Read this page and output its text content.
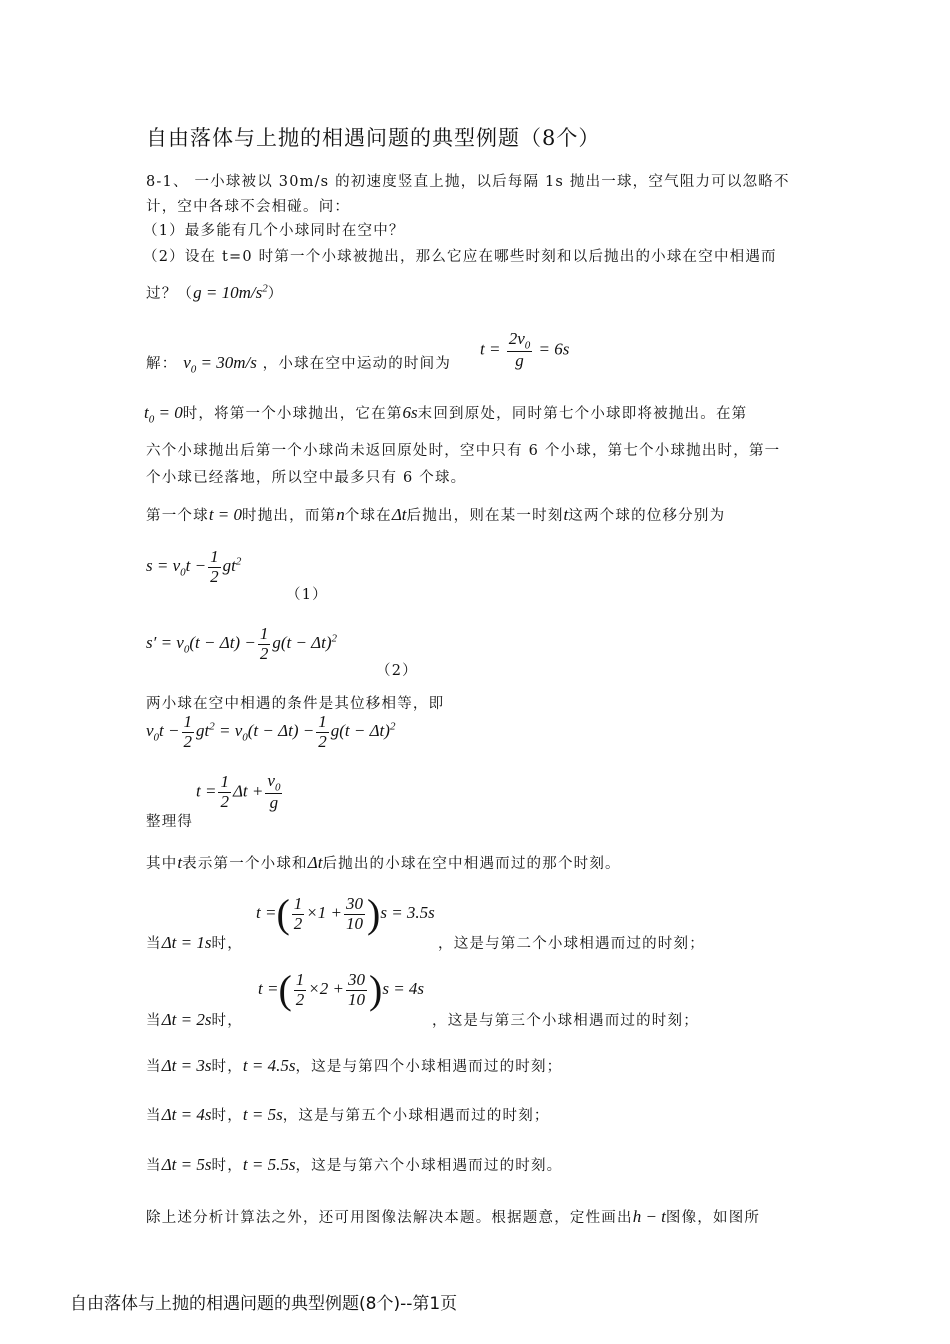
自由落体与上抛的相遇问题的典型例题（8个）
8-1、 一小球被以 30m/s 的初速度竖直上抛，以后每隔 1s 抛出一球，空气阻力可以忽略不
计，空中各球不会相碰。问：
（1）最多能有几个小球同时在空中？
（2）设在 t=0 时第一个小球被抛出，那么它应在哪些时刻和以后抛出的小球在空中相遇而
过？$(g = 10m/s^2)$
解： $v_0 = 30m/s$ ，小球在空中运动的时间为
$t = \frac{2v_0}{g} = 6s$
$t_0 = 0$时，将第一个小球抛出，它在第6s末回到原处，同时第七个小球即将被抛出。在第
六个小球抛出后第一个小球尚未返回原处时，空中只有 6 个小球，第七个小球抛出时，第一
个小球已经落地，所以空中最多只有 6 个球。
第一个球t = 0时抛出，而第n个球在Δt后抛出，则在某一时刻t这两个球的位移分别为
$s = v_0t - \frac{1}{2} gt^2$
（1）
$s' = v_0(t - \Delta t) - \frac{1}{2} g(t - \Delta t)^2$
（2）
两小球在空中相遇的条件是其位移相等，即
$v_0t - \frac{1}{2} gt^2 = v_0(t - \Delta t) - \frac{1}{2} g(t - \Delta t)^2$
$t = \frac{1}{2}$ $\Delta t + \frac{v_0}{g}$
整理得
其中t表示第一个小球和Δt后抛出的小球在空中相遇而过的那个时刻。
当Δt = 1s时，
t =( $\frac{1}{2} \times 1 + \frac{30}{10} )s = 3.5s$
，这是与第二个小球相遇而过的时刻；
当Δt = 2s时，
t =( $\frac{1}{2} \times 2 + \frac{30}{10} )s = 4s$
，这是与第三个小球相遇而过的时刻；
当Δt = 3s时，t = 4.5s，这是与第四个小球相遇而过的时刻；
当Δt = 4s时，t = 5s，这是与第五个小球相遇而过的时刻；
当Δt = 5s时，t = 5.5s，这是与第六个小球相遇而过的时刻。
除上述分析计算法之外，还可用图像法解决本题。根据题意，定性画出h − t图像，如图所
自由落体与上抛的相遇问题的典型例题(8个)--第1页
